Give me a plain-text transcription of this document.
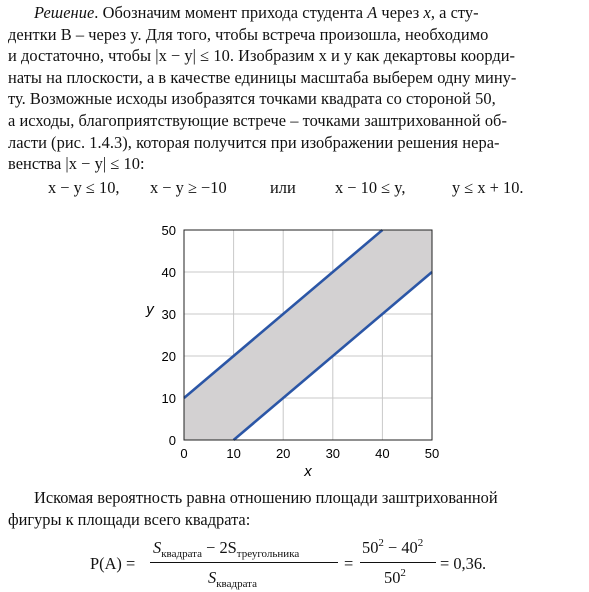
Решение. Обозначим момент прихода студента A через x, а сту-
дентки B – через y. Для того, чтобы встреча произошла, необходимо
и достаточно, чтобы |x − y| ≤ 10. Изобразим x и y как декартовы коорди-
наты на плоскости, а в качестве единицы масштаба выберем одну мину-
ту. Возможные исходы изобразятся точками квадрата со стороной 50,
а исходы, благоприятствующие встрече – точками заштрихованной об-
ласти (рис. 1.4.3), которая получится при изображении решения нера-
венства |x − y| ≤ 10:
x − y ≤ 10, x − y ≥ −10	или x − 10 ≤ y,	y ≤ x + 10.
0	10	20	30	40	50
0
10
20
30
40
50
x
y
Искомая вероятность равна отношению площади заштрихованной
фигуры к площади всего квадрата:
P(A) =
$S_{квадрата} - 2S_{треугольника}$
$S_{квадрата}$
=
$50^2 - 40^2$
$50^2 = 0,36$.
